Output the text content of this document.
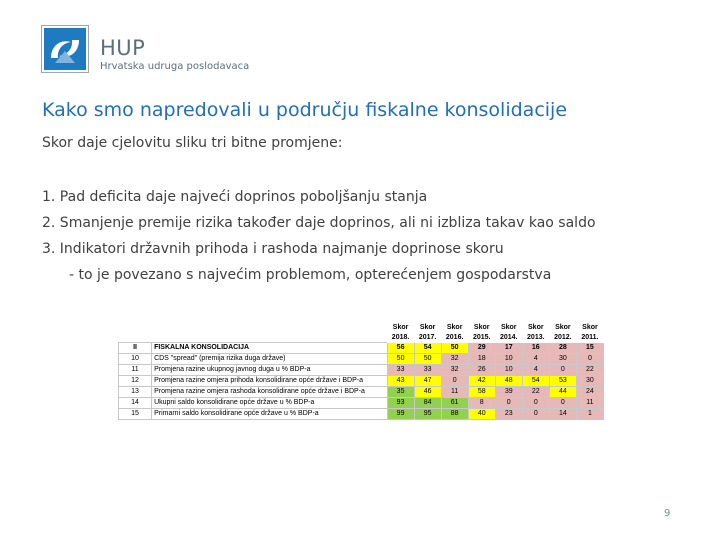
HUP
Hrvatska udruga poslodavaca
Kako smo napredovali u području fiskalne konsolidacije
Skor daje cjelovitu sliku tri bitne promjene:
1. Pad deficita daje najveći doprinos poboljšanju stanja
2. Smanjenje premije rizika također daje doprinos, ali ni izbliza takav kao saldo
3. Indikatori državnih prihoda i rashoda najmanje doprinose skoru
- to je povezano s najvećim problemom, opterećenjem gospodarstva
		Skor	Skor	Skor	Skor	Skor	Skor	Skor	Skor
		2018.	2017.	2016.	2015.	2014.	2013.	2012.	2011.
II	FISKALNA KONSOLIDACIJA	56	54	50	29	17	16	28	15
10	CDS "spread" (premija rizika duga države)	50	50	32	18	10	4	30	0
11	Promjena razine ukupnog javnog duga u % BDP-a	33	33	32	26	10	4	0	22
12	Promjena razine omjera prihoda konsolidirane opće države i BDP-a	43	47	0	42	48	54	53	30
13	Promjena razine omjera rashoda konsolidirane opće države i BDP-a	35	46	11	58	39	22	44	24
14	Ukupni saldo konsolidirane opće države u % BDP-a	93	84	61	8	0	0	0	11
15	Primarni saldo konsolidirane opće države u % BDP-a	99	95	88	40	23	0	14	1
9
